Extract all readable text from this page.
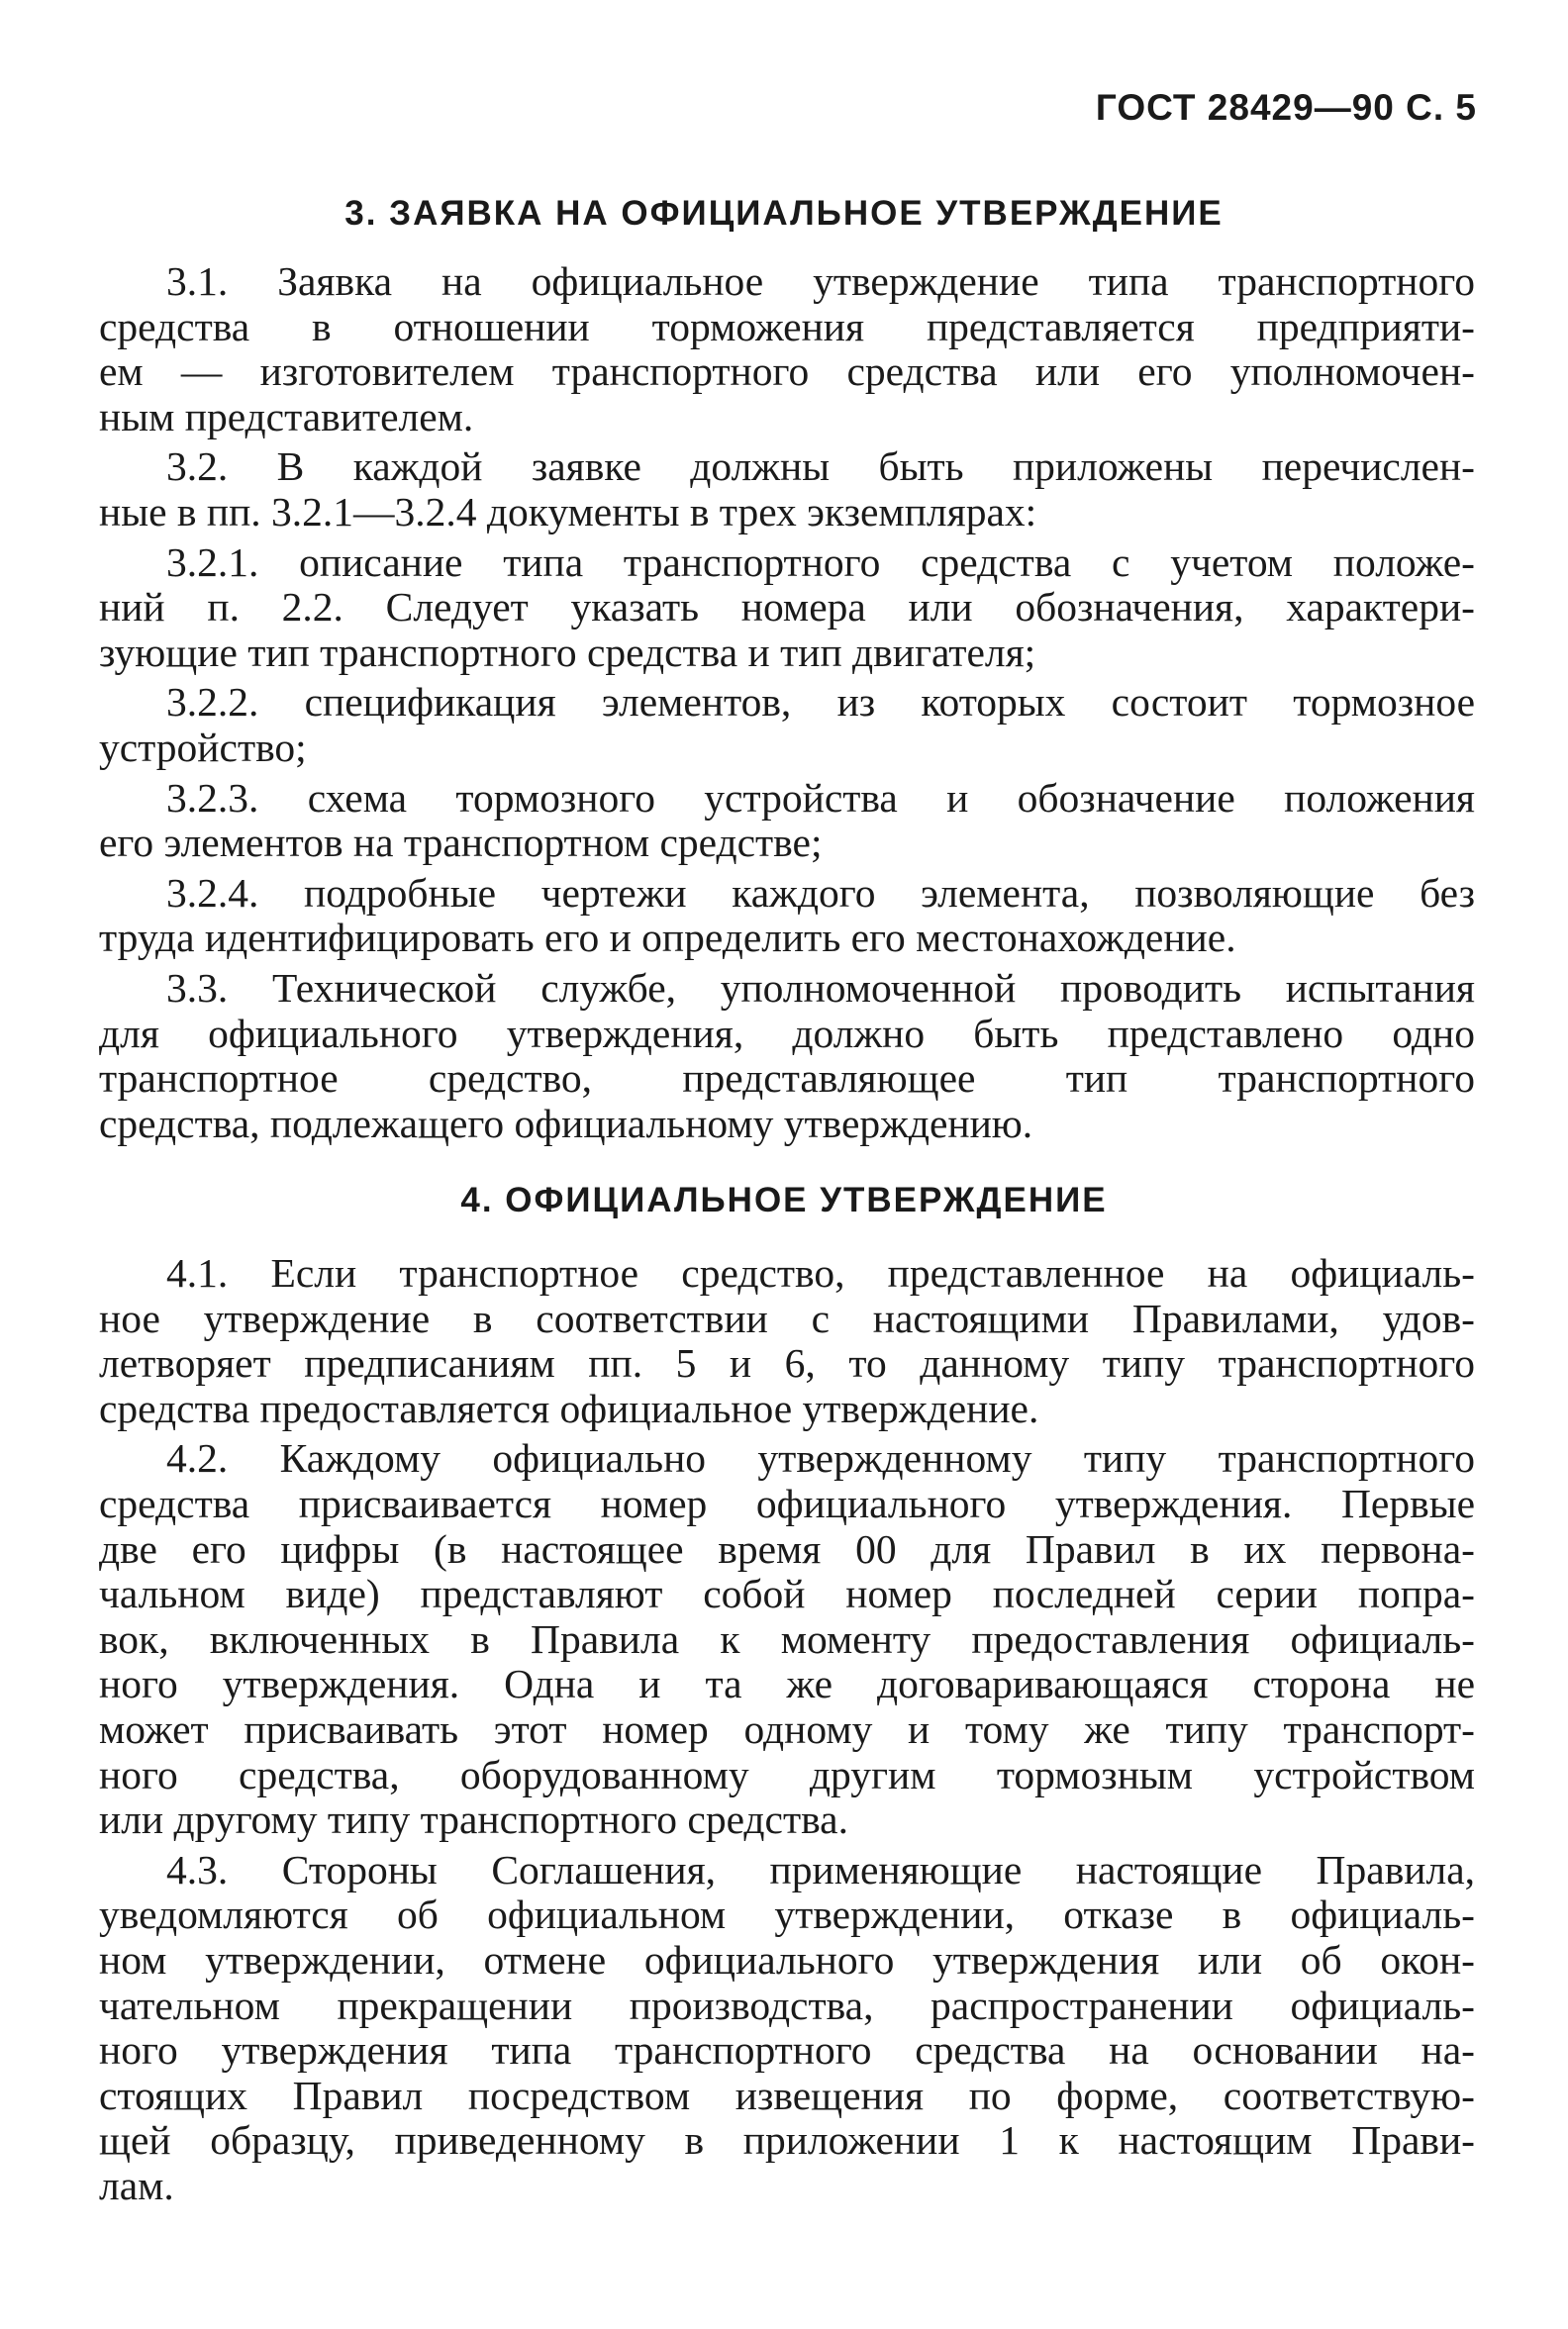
ГОСТ 28429—90 С. 5
3. ЗАЯВКА НА ОФИЦИАЛЬНОЕ УТВЕРЖДЕНИЕ

3.1. Заявка на официальное утверждение типа транспортного
средства в отношении торможения представляется предприяти-
ем — изготовителем транспортного средства или его уполномочен-
ным представителем.

3.2. В каждой заявке должны быть приложены перечислен-
ные в пп. 3.2.1—3.2.4 документы в трех экземплярах:

3.2.1. описание типа транспортного средства с учетом положе-
ний п. 2.2. Следует указать номера или обозначения, характери-
зующие тип транспортного средства и тип двигателя;

3.2.2. спецификация элементов, из которых состоит тормозное
устройство;

3.2.3. схема тормозного устройства и обозначение положения
его элементов на транспортном средстве;

3.2.4. подробные чертежи каждого элемента, позволяющие без
труда идентифицировать его и определить его местонахождение.

3.3. Технической службе, уполномоченной проводить испытания
для официального утверждения, должно быть представлено одно
транспортное средство, представляющее тип транспортного
средства, подлежащего официальному утверждению.

4. ОФИЦИАЛЬНОЕ УТВЕРЖДЕНИЕ

4.1. Если транспортное средство, представленное на официаль-
ное утверждение в соответствии с настоящими Правилами, удов-
летворяет предписаниям пп. 5 и 6, то данному типу транспортного
средства предоставляется официальное утверждение.

4.2. Каждому официально утвержденному типу транспортного
средства присваивается номер официального утверждения. Первые
две его цифры (в настоящее время 00 для Правил в их первона-
чальном виде) представляют собой номер последней серии попра-
вок, включенных в Правила к моменту предоставления официаль-
ного утверждения. Одна и та же договаривающаяся сторона не
может присваивать этот номер одному и тому же типу транспорт-
ного средства, оборудованному другим тормозным устройством
или другому типу транспортного средства.

4.3. Стороны Соглашения, применяющие настоящие Правила,
уведомляются об официальном утверждении, отказе в официаль-
ном утверждении, отмене официального утверждения или об окон-
чательном прекращении производства, распространении официаль-
ного утверждения типа транспортного средства на основании на-
стоящих Правил посредством извещения по форме, соответствую-
щей образцу, приведенному в приложении 1 к настоящим Прави-
лам.
